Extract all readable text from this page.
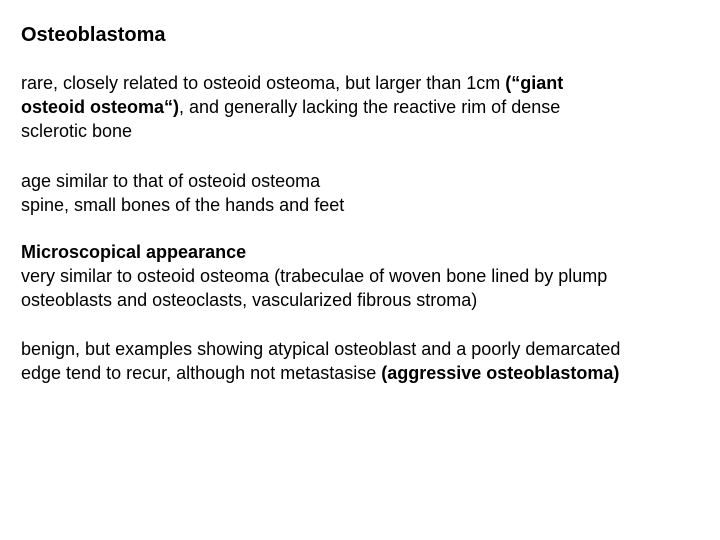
Osteoblastoma

rare, closely related to osteoid osteoma, but larger than 1cm (“giant
osteoid osteoma“), and generally lacking the reactive rim of dense
sclerotic bone

age similar to that of osteoid osteoma
spine, small bones of the hands and feet

Microscopical appearance
very similar to osteoid osteoma (trabeculae of woven bone lined by plump
osteoblasts and osteoclasts, vascularized fibrous stroma)

benign, but examples showing atypical osteoblast and a poorly demarcated
edge tend to recur, although not metastasise (aggressive osteoblastoma)
